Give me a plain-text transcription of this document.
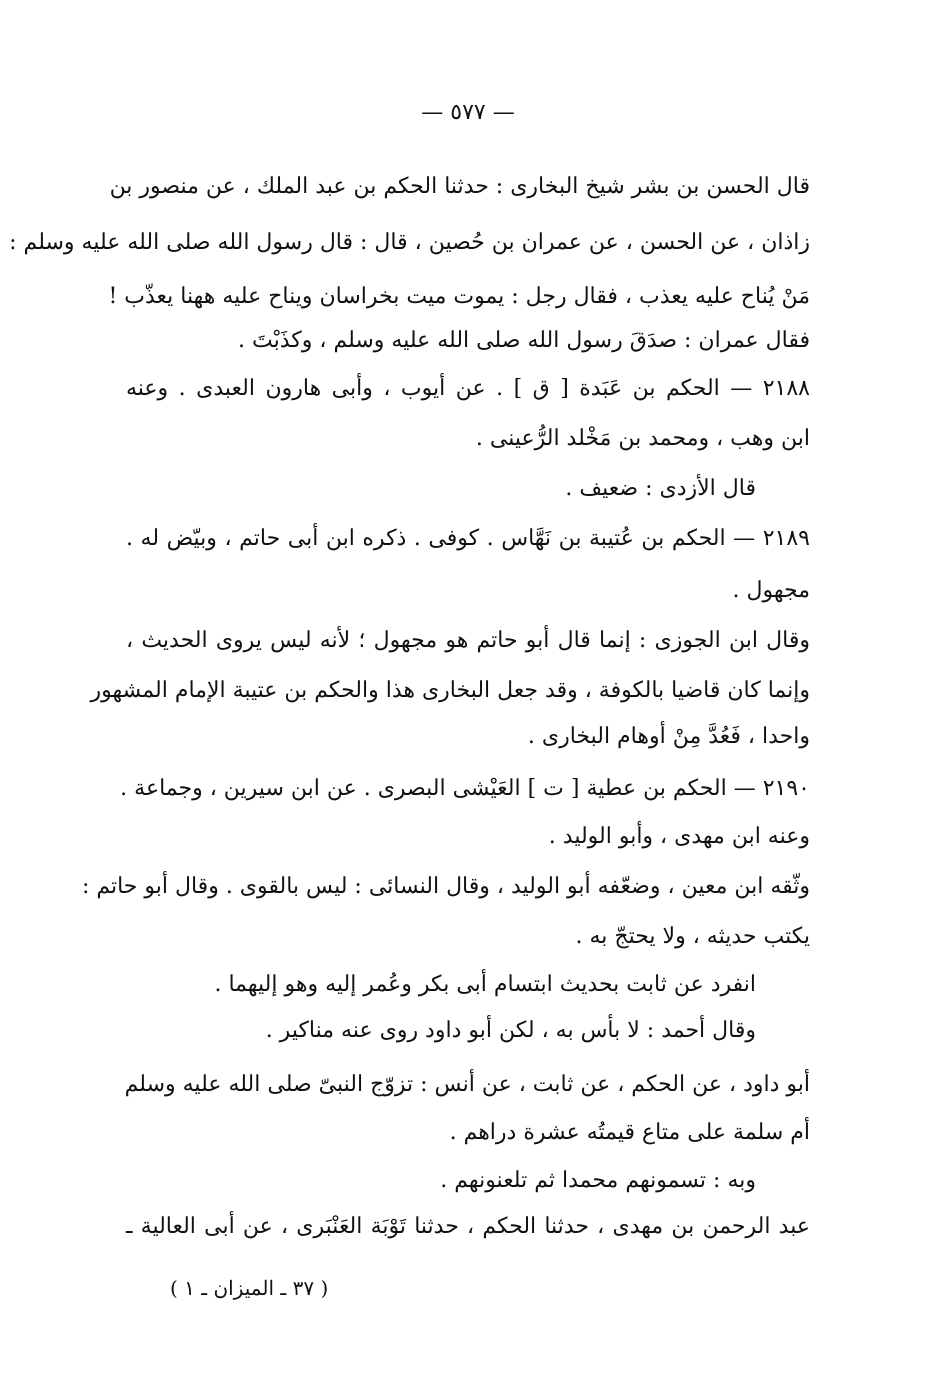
— ٥٧٧ —
قال الحسن بن بشر شيخ البخارى : حدثنا الحكم بن عبد الملك ، عن منصور بن
زاذان ، عن الحسن ، عن عمران بن حُصين ، قال : قال رسول الله صلى الله عليه وسلم :
مَنْ يُناح عليه يعذب ، فقال رجل : يموت ميت بخراسان ويناح عليه ههنا يعذّب !
فقال عمران : صدَقَ رسول الله صلى الله عليه وسلم ، وكذَبْتَ .
٢١٨٨ — الحكم بن عَبَدة [ ق ] . عن أيوب ، وأبى هارون العبدى . وعنه
ابن وهب ، ومحمد بن مَخْلد الرُّعينى .
قال الأزدى : ضعيف .
٢١٨٩ — الحكم بن عُتيبة بن نَهَّاس . كوفى . ذكره ابن أبى حاتم ، وبيّض له .
مجهول .
وقال ابن الجوزى : إنما قال أبو حاتم هو مجهول ؛ لأنه ليس يروى الحديث ،
وإنما كان قاضيا بالكوفة ، وقد جعل البخارى هذا والحكم بن عتيبة الإمام المشهور
واحدا ، فَعُدَّ مِنْ أوهام البخارى .
٢١٩٠ — الحكم بن عطية [ ت ] العَيْشى البصرى . عن ابن سيرين ، وجماعة .
وعنه ابن مهدى ، وأبو الوليد .
وثّقه ابن معين ، وضعّفه أبو الوليد ، وقال النسائى : ليس بالقوى . وقال أبو حاتم :
يكتب حديثه ، ولا يحتجّ به .
انفرد عن ثابت بحديث ابتسام أبى بكر وعُمر إليه وهو إليهما .
وقال أحمد : لا بأس به ، لكن أبو داود روى عنه مناكير .
أبو داود ، عن الحكم ، عن ثابت ، عن أنس : تزوّج النبىّ صلى الله عليه وسلم
أم سلمة على متاع قيمتُه عشرة دراهم .
وبه : تسمونهم محمدا ثم تلعنونهم .
عبد الرحمن بن مهدى ، حدثنا الحكم ، حدثنا تَوْبَة العَنْبَرى ، عن أبى العالية ـ
( ٣٧ ـ الميزان ـ ١ )
